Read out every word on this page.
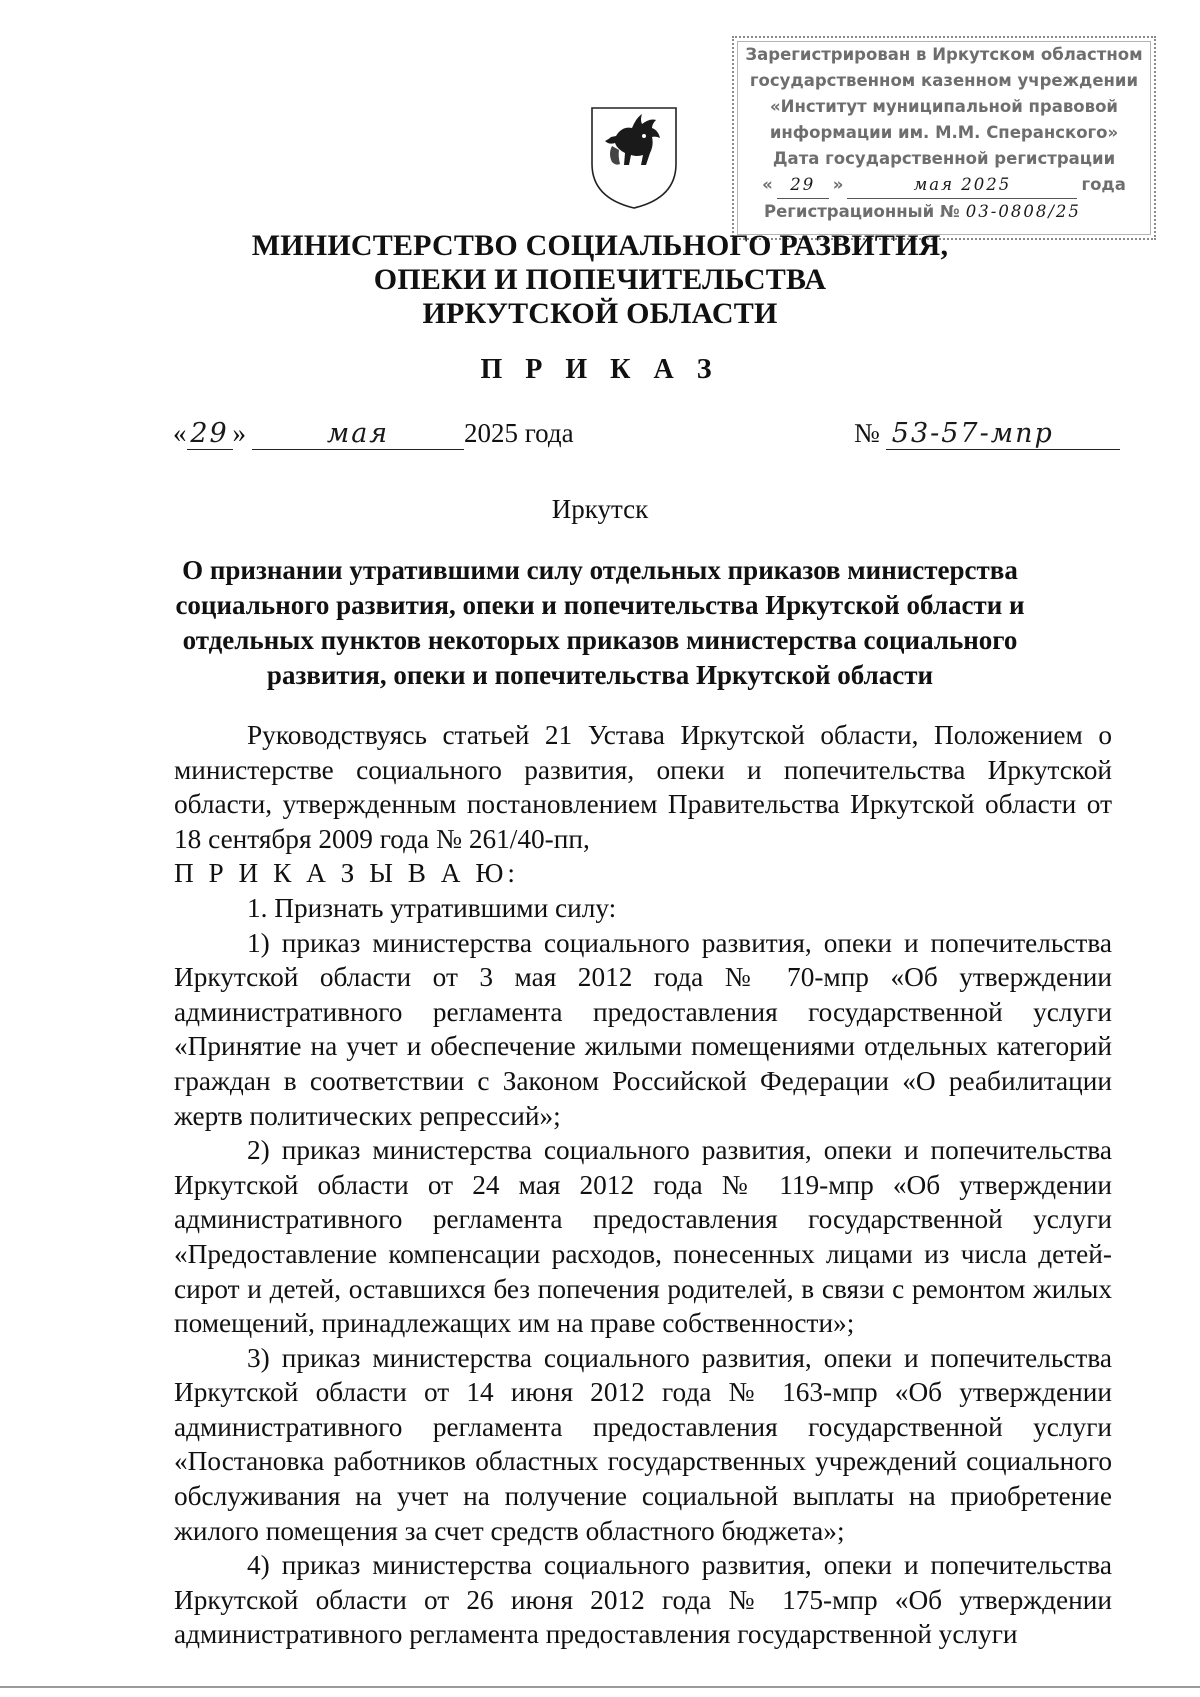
Зарегистрирован в Иркутском областном
государственном казенном учреждении
«Институт муниципальной правовой
информации им. М.М. Сперанского»
Дата государственной регистрации
«	29	»	мая 2025	года
Регистрационный № 03-0808/25
МИНИСТЕРСТВО СОЦИАЛЬНОГО РАЗВИТИЯ,
ОПЕКИ И ПОПЕЧИТЕЛЬСТВА
ИРКУТСКОЙ ОБЛАСТИ
П Р И К А З
« 29 »	мая	2025 года	№ 53-57-мпр
Иркутск
О признании утратившими силу отдельных приказов министерства
социального развития, опеки и попечительства Иркутской области и
отдельных пунктов некоторых приказов министерства социального
развития, опеки и попечительства Иркутской области

Руководствуясь статьей 21 Устава Иркутской области, Положением о министерстве социального развития, опеки и попечительства Иркутской области, утвержденным постановлением Правительства Иркутской области от 18 сентября 2009 года № 261/40-пп,

П Р И К А З Ы В А Ю:

1. Признать утратившими силу:

1) приказ министерства социального развития, опеки и попечительства Иркутской области от 3 мая 2012 года № 70-мпр «Об утверждении административного регламента предоставления государственной услуги «Принятие на учет и обеспечение жилыми помещениями отдельных категорий граждан в соответствии с Законом Российской Федерации «О реабилитации жертв политических репрессий»;

2) приказ министерства социального развития, опеки и попечительства Иркутской области от 24 мая 2012 года № 119-мпр «Об утверждении административного регламента предоставления государственной услуги «Предоставление компенсации расходов, понесенных лицами из числа детей-сирот и детей, оставшихся без попечения родителей, в связи с ремонтом жилых помещений, принадлежащих им на праве собственности»;

3) приказ министерства социального развития, опеки и попечительства Иркутской области от 14 июня 2012 года № 163-мпр «Об утверждении административного регламента предоставления государственной услуги «Постановка работников областных государственных учреждений социального обслуживания на учет на получение социальной выплаты на приобретение жилого помещения за счет средств областного бюджета»;

4) приказ министерства социального развития, опеки и попечительства Иркутской области от 26 июня 2012 года № 175-мпр «Об утверждении административного регламента предоставления государственной услуги
